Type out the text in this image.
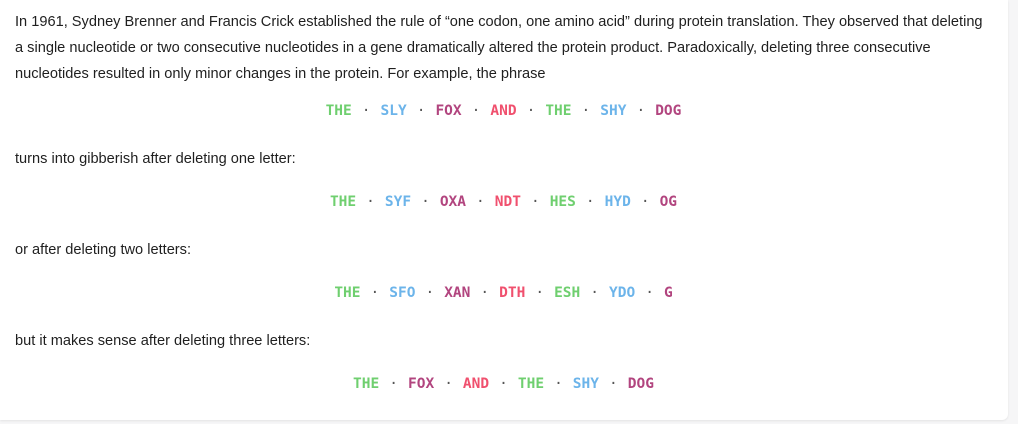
In 1961, Sydney Brenner and Francis Crick established the rule of “one codon, one amino acid” during protein translation. They observed that deleting a single nucleotide or two consecutive nucleotides in a gene dramatically altered the protein product. Paradoxically, deleting three consecutive nucleotides resulted in only minor changes in the protein. For example, the phrase

THE · SLY · FOX · AND · THE · SHY · DOG

turns into gibberish after deleting one letter:

THE · SYF · OXA · NDT · HES · HYD · OG

or after deleting two letters:

THE · SFO · XAN · DTH · ESH · YDO · G

but it makes sense after deleting three letters:

THE · FOX · AND · THE · SHY · DOG
